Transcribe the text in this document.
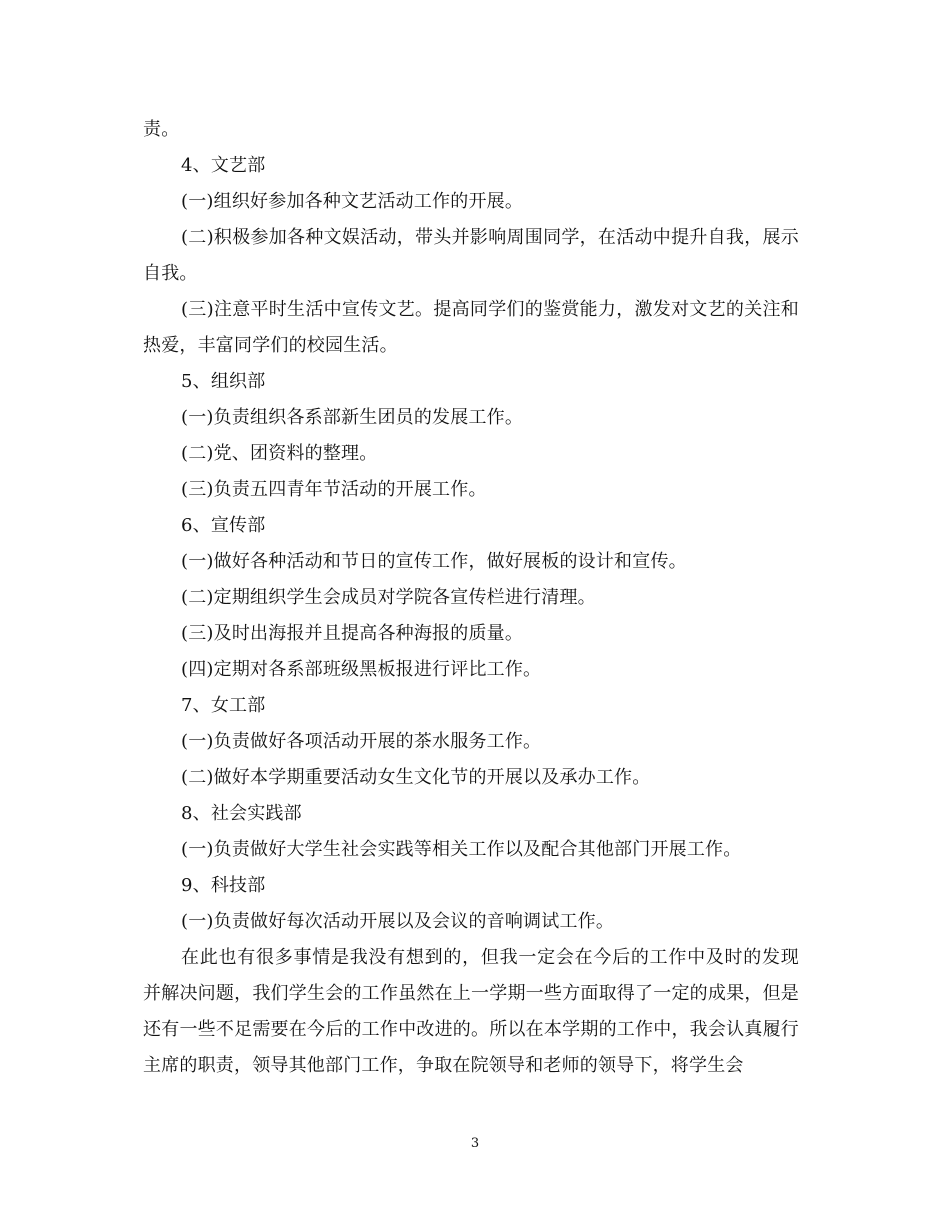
责。

4、文艺部

(一)组织好参加各种文艺活动工作的开展。

(二)积极参加各种文娱活动，带头并影响周围同学，在活动中提升自我，展示自我。

(三)注意平时生活中宣传文艺。提高同学们的鉴赏能力，激发对文艺的关注和热爱，丰富同学们的校园生活。

5、组织部

(一)负责组织各系部新生团员的发展工作。

(二)党、团资料的整理。

(三)负责五四青年节活动的开展工作。

6、宣传部

(一)做好各种活动和节日的宣传工作，做好展板的设计和宣传。

(二)定期组织学生会成员对学院各宣传栏进行清理。

(三)及时出海报并且提高各种海报的质量。

(四)定期对各系部班级黑板报进行评比工作。

7、女工部

(一)负责做好各项活动开展的茶水服务工作。

(二)做好本学期重要活动女生文化节的开展以及承办工作。

8、社会实践部

(一)负责做好大学生社会实践等相关工作以及配合其他部门开展工作。

9、科技部

(一)负责做好每次活动开展以及会议的音响调试工作。

在此也有很多事情是我没有想到的，但我一定会在今后的工作中及时的发现并解决问题，我们学生会的工作虽然在上一学期一些方面取得了一定的成果，但是还有一些不足需要在今后的工作中改进的。所以在本学期的工作中，我会认真履行主席的职责，领导其他部门工作，争取在院领导和老师的领导下，将学生会

3
